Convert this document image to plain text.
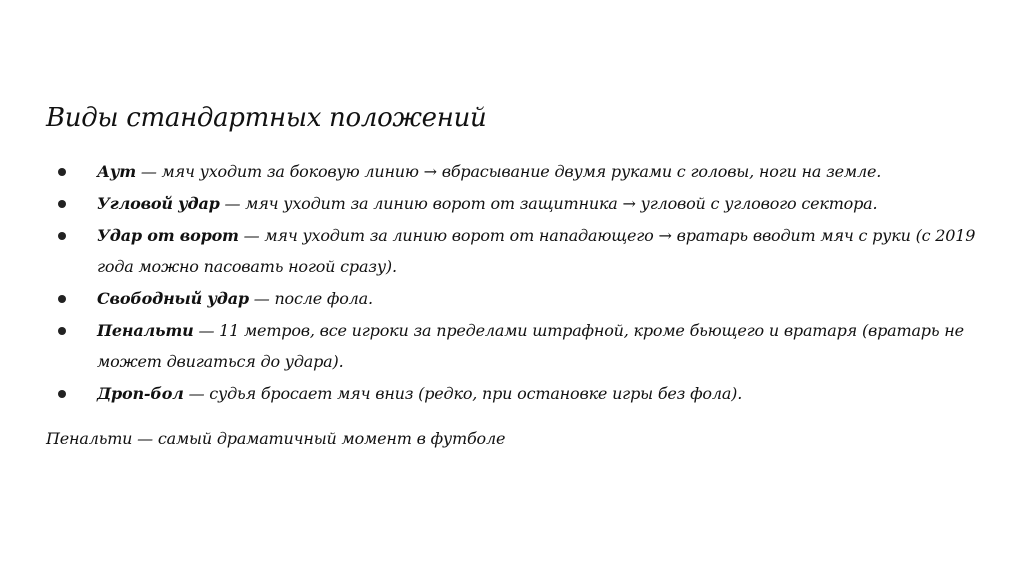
Виды стандартных положений
Аут — мяч уходит за боковую линию → вбрасывание двумя руками с головы, ноги на земле.
Угловой удар — мяч уходит за линию ворот от защитника → угловой с углового сектора.
Удар от ворот — мяч уходит за линию ворот от нападающего → вратарь вводит мяч с руки (с 2019 года можно пасовать ногой сразу).
Свободный удар — после фола.
Пенальти — 11 метров, все игроки за пределами штрафной, кроме бьющего и вратаря (вратарь не может двигаться до удара).
Дроп-бол — судья бросает мяч вниз (редко, при остановке игры без фола).
Пенальти — самый драматичный момент в футболе
